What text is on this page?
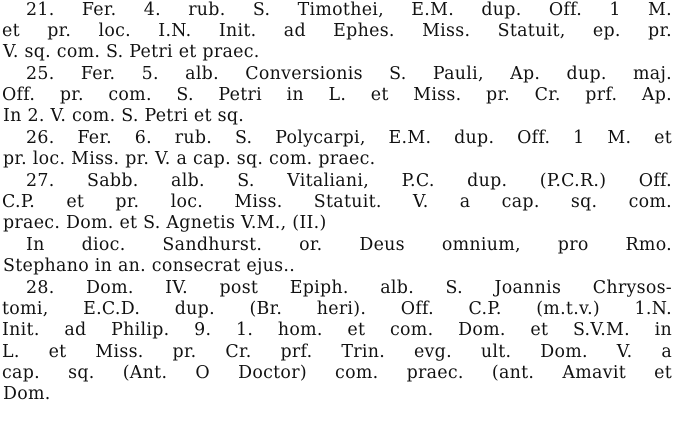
21. Fer. 4. rub. S. Timothei, E.M. dup. Off. 1 M.
et pr. loc. I.N. Init. ad Ephes. Miss. Statuit, ep. pr.
V. sq. com. S. Petri et praec.
25. Fer. 5. alb. Conversionis S. Pauli, Ap. dup. maj.
Off. pr. com. S. Petri in L. et Miss. pr. Cr. prf. Ap.
In 2. V. com. S. Petri et sq.
26. Fer. 6. rub. S. Polycarpi, E.M. dup. Off. 1 M. et
pr. loc. Miss. pr. V. a cap. sq. com. praec.
27. Sabb. alb. S. Vitaliani, P.C. dup. (P.C.R.) Off.
C.P. et pr. loc. Miss. Statuit. V. a cap. sq. com.
praec. Dom. et S. Agnetis V.M., (II.)
In dioc. Sandhurst. or. Deus omnium, pro Rmo.
Stephano in an. consecrat ejus..
28. Dom. IV. post Epiph. alb. S. Joannis Chrysos-
tomi, E.C.D. dup. (Br. heri). Off. C.P. (m.t.v.) 1.N.
Init. ad Philip. 9. 1. hom. et com. Dom. et S.V.M. in
L. et Miss. pr. Cr. prf. Trin. evg. ult. Dom. V. a
cap. sq. (Ant. O Doctor) com. praec. (ant. Amavit et
Dom.
